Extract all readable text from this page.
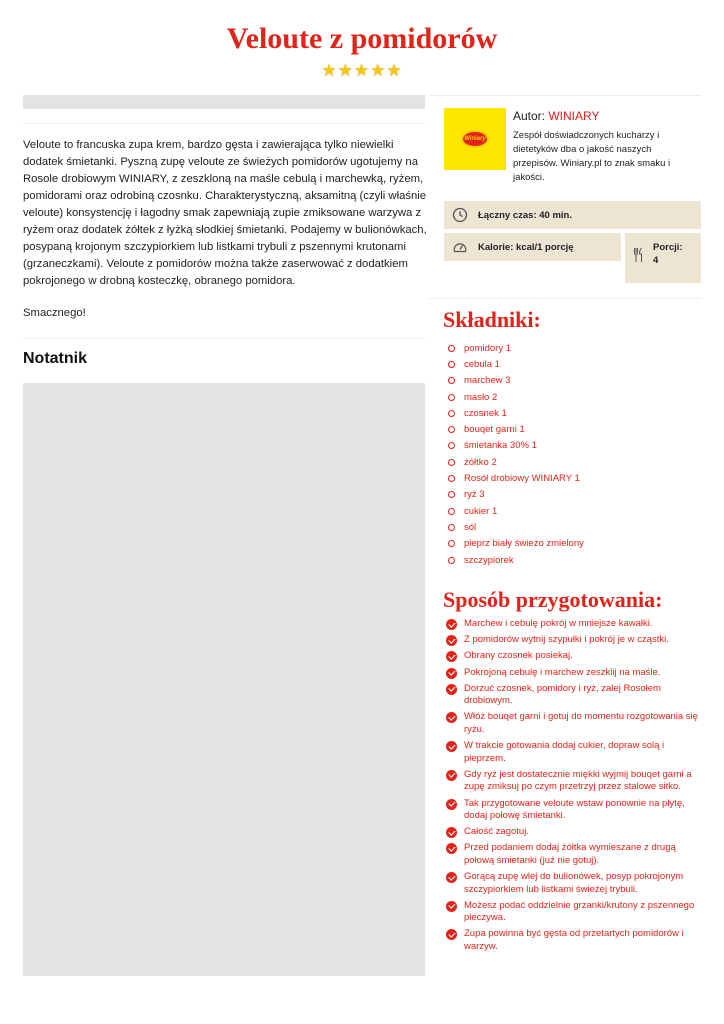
Veloute z pomidorów
★★★★★

Veloute to francuska zupa krem, bardzo gęsta i zawierająca tylko niewielki dodatek śmietanki. Pyszną zupę veloute ze świeżych pomidorów ugotujemy na Rosole drobiowym WINIARY, z zeszkloną na maśle cebulą i marchewką, ryżem, pomidorami oraz odrobiną czosnku. Charakterystyczną, aksamitną (czyli właśnie veloute) konsystencję i łagodny smak zapewniają zupie zmiksowane warzywa z ryżem oraz dodatek żółtek z łyżką słodkiej śmietanki. Podajemy w bulionówkach, posypaną krojonym szczypiorkiem lub listkami trybuli z pszennymi krutonami (grzaneczkami). Veloute z pomidorów można także zaserwować z dodatkiem pokrojonego w drobną kosteczkę, obranego pomidora.

Smacznego!

Notatnik
Winiary
Autor: WINIARY
Zespół doświadczonych kucharzy i dietetyków dba o jakość naszych przepisów. Winiary.pl to znak smaku i jakości.
Łączny czas: 40 min.
Kalorie: kcal/1 porcję	Porcji:
4
Składniki:
pomidory 1
cebula 1
marchew 3
masło 2
czosnek 1
bouqet garni 1
śmietanka 30% 1
żółtko 2
Rosół drobiowy WINIARY 1
ryż 3
cukier 1
sól
pieprz biały świeżo zmielony
szczypiorek
Sposób przygotowania:
Marchew i cebulę pokrój w mniejsze kawałki.
Z pomidorów wytnij szypułki i pokrój je w cząstki.
Obrany czosnek posiekaj.
Pokrojoną cebulę i marchew zeszklij na maśle.
Dorzuć czosnek, pomidory i ryż, zalej Rosołem drobiowym.
Włóż bouqet garni i gotuj do momentu rozgotowania się ryżu.
W trakcie gotowania dodaj cukier, dopraw solą i pieprzem.
Gdy ryż jest dostatecznie miękki wyjmij bouqet garni a zupę zmiksuj po czym przetrzyj przez stalowe sitko.
Tak przygotowane veloute wstaw ponownie na płytę, dodaj połowę śmietanki.
Całość zagotuj.
Przed podaniem dodaj żółtka wymieszane z drugą połową śmietanki (już nie gotuj).
Gorącą zupę wlej do bulionówek, posyp pokrojonym szczypiorkiem lub listkami świeżej trybuli.
Możesz podać oddzielnie grzanki/krutony z pszennego pieczywa.
Zupa powinna być gęsta od przetartych pomidorów i warzyw.
